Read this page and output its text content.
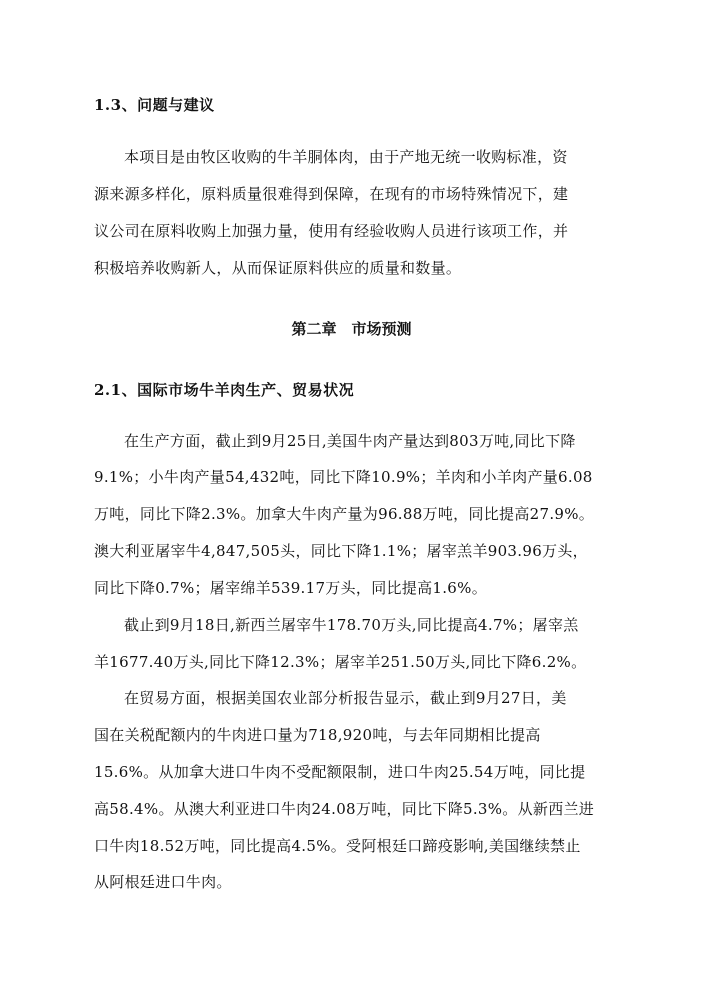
1.3、问题与建议
本项目是由牧区收购的牛羊胴体肉，由于产地无统一收购标准，资
源来源多样化，原料质量很难得到保障，在现有的市场特殊情况下，建
议公司在原料收购上加强力量，使用有经验收购人员进行该项工作，并
积极培养收购新人，从而保证原料供应的质量和数量。
第二章　市场预测
2.1、国际市场牛羊肉生产、贸易状况
在生产方面，截止到9月25日,美国牛肉产量达到803万吨,同比下降
9.1%；小牛肉产量54,432吨，同比下降10.9%；羊肉和小羊肉产量6.08
万吨，同比下降2.3%。加拿大牛肉产量为96.88万吨，同比提高27.9%。
澳大利亚屠宰牛4,847,505头，同比下降1.1%；屠宰羔羊903.96万头，
同比下降0.7%；屠宰绵羊539.17万头，同比提高1.6%。
截止到9月18日,新西兰屠宰牛178.70万头,同比提高4.7%；屠宰羔
羊1677.40万头,同比下降12.3%；屠宰羊251.50万头,同比下降6.2%。
在贸易方面，根据美国农业部分析报告显示，截止到9月27日，美
国在关税配额内的牛肉进口量为718,920吨，与去年同期相比提高
15.6%。从加拿大进口牛肉不受配额限制，进口牛肉25.54万吨，同比提
高58.4%。从澳大利亚进口牛肉24.08万吨，同比下降5.3%。从新西兰进
口牛肉18.52万吨，同比提高4.5%。受阿根廷口蹄疫影响,美国继续禁止
从阿根廷进口牛肉。
